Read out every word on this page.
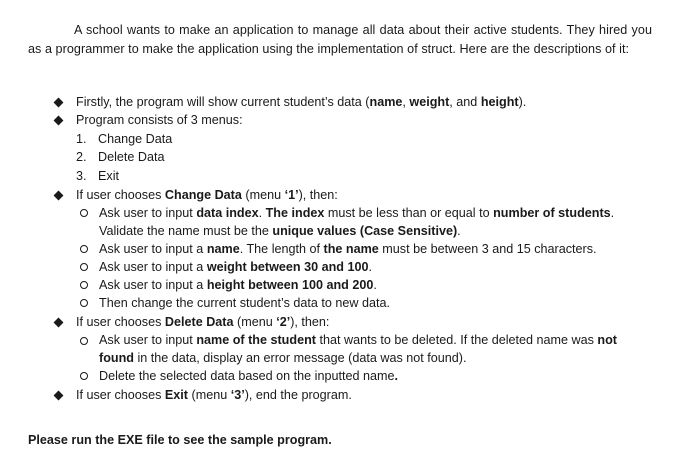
A school wants to make an application to manage all data about their active students. They hired you as a programmer to make the application using the implementation of struct. Here are the descriptions of it:
Firstly, the program will show current student’s data (name, weight, and height).
Program consists of 3 menus:
1. Change Data
2. Delete Data
3. Exit
If user chooses Change Data (menu ‘1’), then:
Ask user to input data index. The index must be less than or equal to number of students.
Validate the name must be the unique values (Case Sensitive).
Ask user to input a name. The length of the name must be between 3 and 15 characters.
Ask user to input a weight between 30 and 100.
Ask user to input a height between 100 and 200.
Then change the current student’s data to new data.
If user chooses Delete Data (menu ‘2’), then:
Ask user to input name of the student that wants to be deleted. If the deleted name was not
found in the data, display an error message (data was not found).
Delete the selected data based on the inputted name.
If user chooses Exit (menu ‘3’), end the program.
Please run the EXE file to see the sample program.
